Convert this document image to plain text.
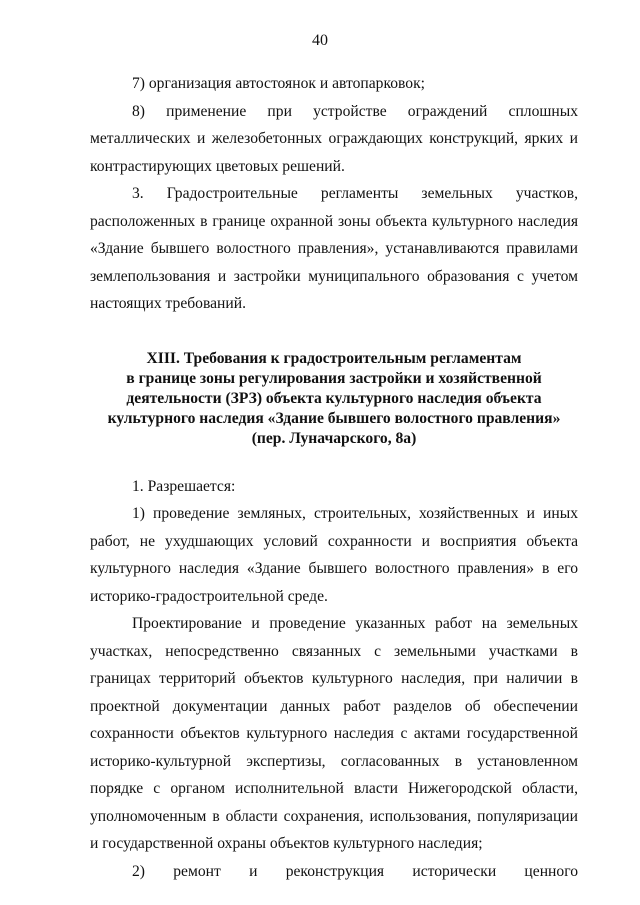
40

7) организация автостоянок и автопарковок;

8) применение при устройстве ограждений сплошных металлических и железобетонных ограждающих конструкций, ярких и контрастирующих цветовых решений.

3. Градостроительные регламенты земельных участков, расположенных в границе охранной зоны объекта культурного наследия «Здание бывшего волостного правления», устанавливаются правилами землепользования и застройки муниципального образования с учетом настоящих требований.

XIII. Требования к градостроительным регламентам
в границе зоны регулирования застройки и хозяйственной
деятельности (ЗРЗ) объекта культурного наследия объекта
культурного наследия «Здание бывшего волостного правления»
(пер. Луначарского, 8а)

1. Разрешается:

1) проведение земляных, строительных, хозяйственных и иных работ, не ухудшающих условий сохранности и восприятия объекта культурного наследия «Здание бывшего волостного правления» в его историко-градостроительной среде.

Проектирование и проведение указанных работ на земельных участках, непосредственно связанных с земельными участками в границах территорий объектов культурного наследия, при наличии в проектной документации данных работ разделов об обеспечении сохранности объектов культурного наследия с актами государственной историко-культурной экспертизы, согласованных в установленном порядке с органом исполнительной власти Нижегородской области, уполномоченным в области сохранения, использования, популяризации и государственной охраны объектов культурного наследия;

2) ремонт и реконструкция исторически ценного
